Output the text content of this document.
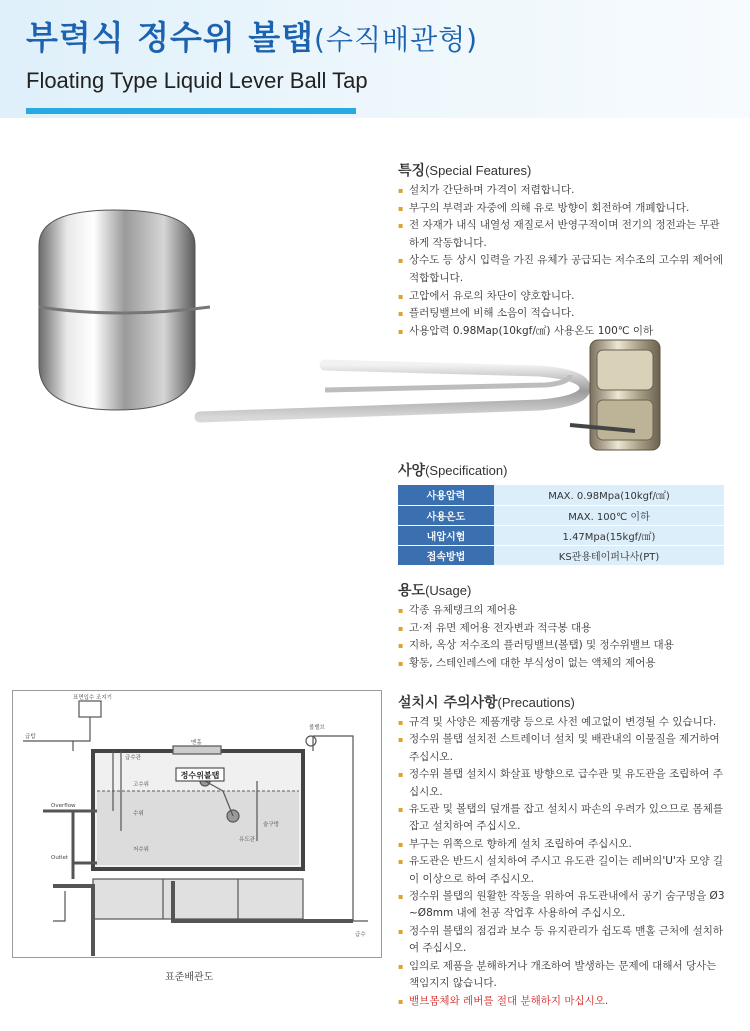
부력식 정수위 볼탭(수직배관형)
Floating Type Liquid Lever Ball Tap
특징(Special Features)
▪ 설치가 간단하며 가격이 저렴합니다.
▪ 부구의 부력과 자중에 의해 유로 방향이 회전하여 개폐합니다.
▪ 전 자재가 내식 내열성 재질로서 반영구적이며 전기의 정전과는 무관하게 작동합니다.
▪ 상수도 등 상시 입력을 가진 유체가 공급되는 저수조의 고수위 제어에 적합합니다.
▪ 고압에서 유로의 차단이 양호합니다.
▪ 플러팅밸브에 비해 소음이 적습니다.
▪ 사용압력 0.98Map(10kgf/㎠) 사용온도 100℃ 이하
사양(Specification)
사용압력	MAX. 0.98Mpa(10kgf/㎠)
사용온도	MAX. 100℃ 이하
내압시험	1.47Mpa(15kgf/㎠)
접속방법	KS관용테이퍼나사(PT)
용도(Usage)
▪ 각종 유체탱크의 제어용
▪ 고·저 유면 제어용 전자변과 적극봉 대용
▪ 지하, 옥상 저수조의 플러팅밸브(볼탭) 및 정수위밸브 대용
▪ 황동, 스테인레스에 대한 부식성이 없는 액체의 제어용
설치시 주의사항(Precautions)
▪ 규격 및 사양은 제품개량 등으로 사전 예고없이 변경될 수 있습니다.
▪ 정수위 볼탭 설치전 스트레이너 설치 및 배관내의 이물질을 제거하여 주십시오.
▪ 정수위 볼탭 설치시 화살표 방향으로 급수관 및 유도관을 조립하여 주십시오.
▪ 유도관 및 볼탭의 덮개를 잡고 설치시 파손의 우려가 있으므로 몸체를 잡고 설치하여 주십시오.
▪ 부구는 위쪽으로 향하게 설치 조립하여 주십시오.
▪ 유도관은 반드시 설치하여 주시고 유도관 길이는 레버의'U'자 모양 길이 이상으로 하여 주십시오.
▪ 정수위 볼탭의 원활한 작동을 위하여 유도관내에서 공기 숨구멍을 Ø3 ~Ø8mm 내에 천공 작업후 사용하여 주십시오.
▪ 정수위 볼탭의 점검과 보수 등 유지관리가 쉽도록 맨홀 근처에 설치하여 주십시오.
▪ 임의로 제품을 분해하거나 개조하여 발생하는 문제에 대해서 당사는 책임지지 않습니다.
▪ 밸브몸체와 레버를 절대 분해하지 마십시오.
정수위볼탭
표면입수 조지기
급탑
맨홀
볼밸브
급수관
Overflow
Outlet
고수위
수위
저수위
숨구멍
유도관
급수
표준배관도
